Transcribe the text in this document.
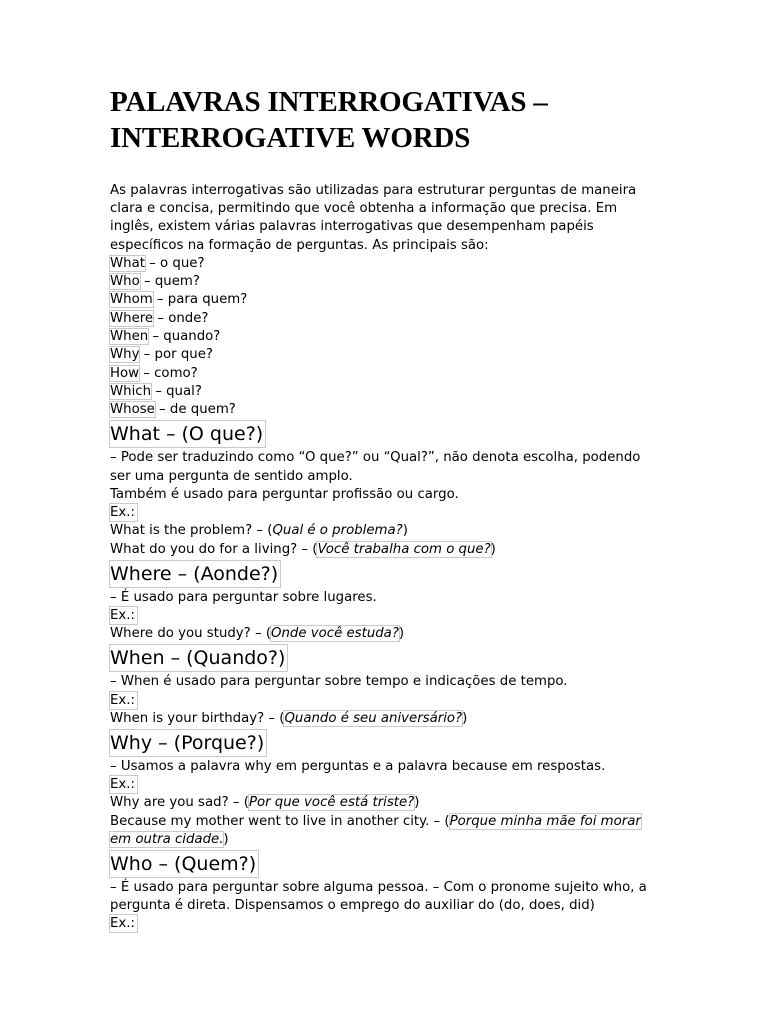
PALAVRAS INTERROGATIVAS –
INTERROGATIVE WORDS

As palavras interrogativas são utilizadas para estruturar perguntas de maneira clara e concisa, permitindo que você obtenha a informação que precisa. Em inglês, existem várias palavras interrogativas que desempenham papéis específicos na formação de perguntas. As principais são:

What – o que?
Who – quem?
Whom – para quem?
Where – onde?
When – quando?
Why – por que?
How – como?
Which – qual?
Whose – de quem?
What – (O que?)
– Pode ser traduzindo como “O que?” ou “Qual?”, não denota escolha, podendo ser uma pergunta de sentido amplo.
Também é usado para perguntar profissão ou cargo.
Ex.:
What is the problem? – (Qual é o problema?)
What do you do for a living? – (Você trabalha com o que?)
Where – (Aonde?)
– É usado para perguntar sobre lugares.
Ex.:
Where do you study? – (Onde você estuda?)
When – (Quando?)
– When é usado para perguntar sobre tempo e indicações de tempo.
Ex.:
When is your birthday? – (Quando é seu aniversário?)
Why – (Porque?)
– Usamos a palavra why em perguntas e a palavra because em respostas.
Ex.:
Why are you sad? – (Por que você está triste?)
Because my mother went to live in another city. – (Porque minha mãe foi morar em outra cidade.)
Who – (Quem?)
– É usado para perguntar sobre alguma pessoa. – Com o pronome sujeito who, a pergunta é direta. Dispensamos o emprego do auxiliar do (do, does, did)
Ex.:
